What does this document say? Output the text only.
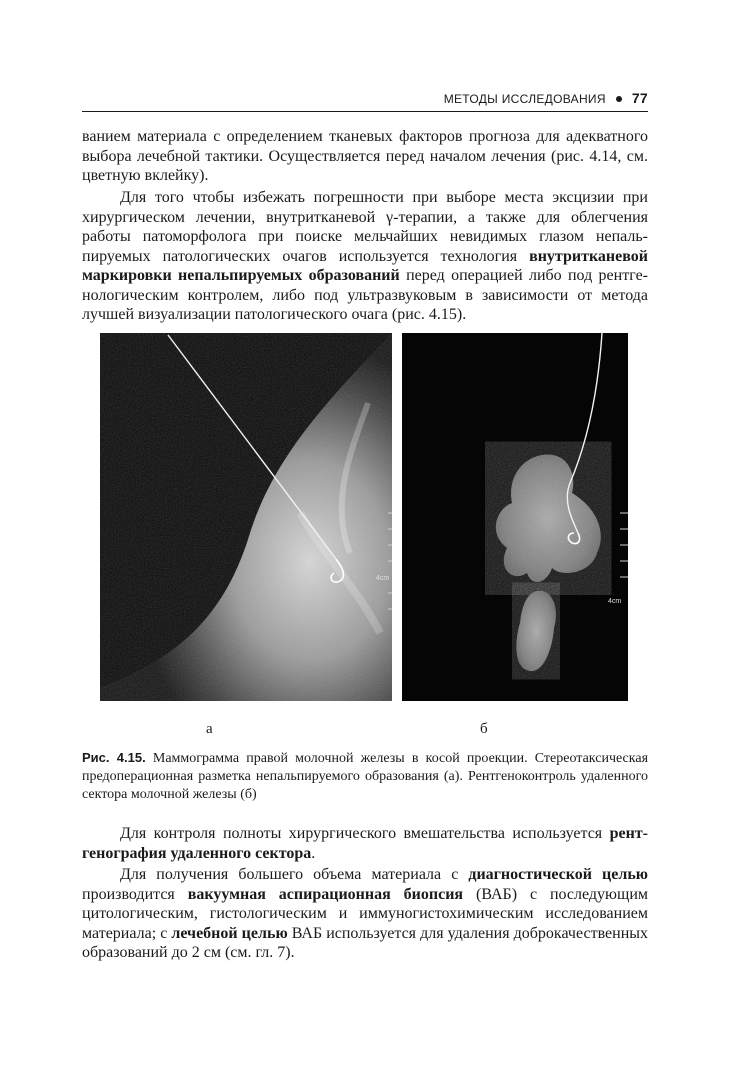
МЕТОДЫ ИССЛЕДОВАНИЯ 77
ванием материала с определением тканевых факторов прогноза для адекватного
выбора лечебной тактики. Осуществляется перед началом лечения (рис. 4.14, см.
цветную вклейку).

Для того чтобы избежать погрешности при выборе места эксцизии при хирургическом лечении, внутритканевой γ-терапии, а также для облегчения работы патоморфолога при поиске мельчайших невидимых глазом непальпируемых патологических очагов используется технология внутритканевой маркировки непальпируемых образований перед операцией либо под рентгенологическим контролем, либо под ультразвуковым в зависимости от метода лучшей визуализации патологического очага (рис. 4.15).

4cm
4cm
а	б

Рис. 4.15. Маммограмма правой молочной железы в косой проекции. Стереотаксическая предоперационная разметка непальпируемого образования (а). Рентгеноконтроль удаленного сектора молочной железы (б)

Для контроля полноты хирургического вмешательства используется рентгенография удаленного сектора.

Для получения большего объема материала с диагностической целью производится вакуумная аспирационная биопсия (ВАБ) с последующим цитологическим, гистологическим и иммуногистохимическим исследованием материала; с лечебной целью ВАБ используется для удаления доброкачественных образований до 2 см (см. гл. 7).
